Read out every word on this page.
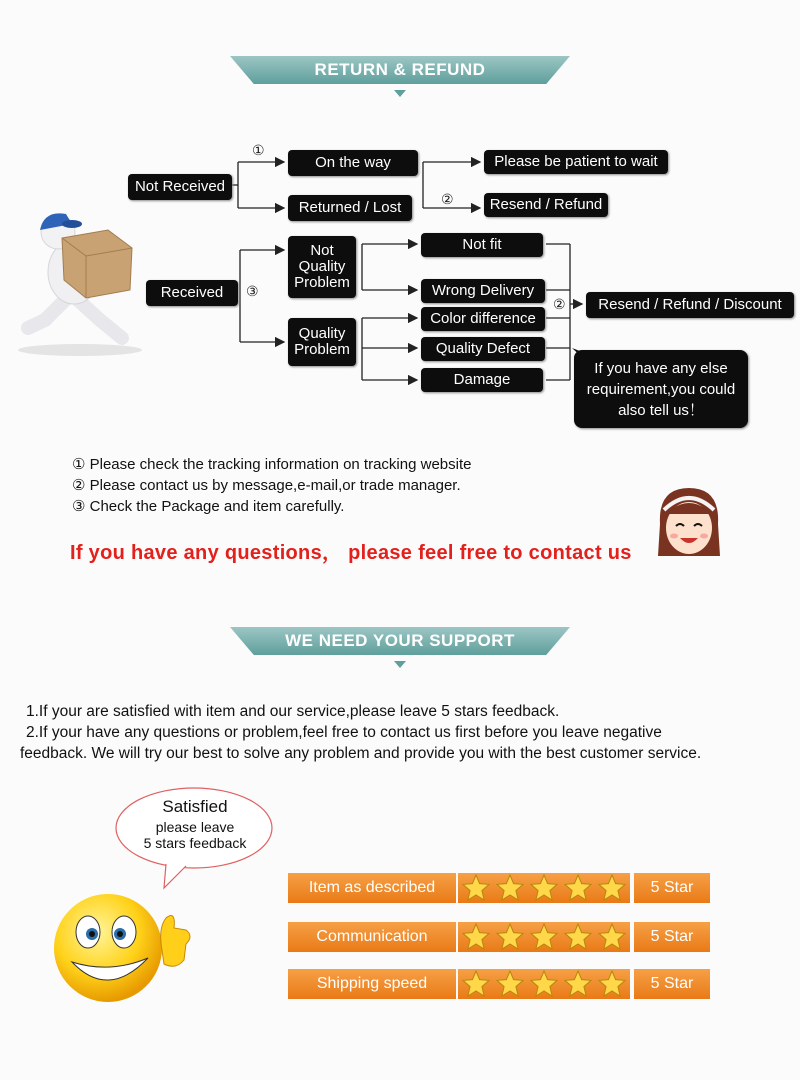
RETURN & REFUND
①
②
③
②
Not Received
On the way
Returned / Lost
Please be patient to wait
Resend / Refund
Received
Not Quality Problem
Quality Problem
Not fit
Wrong Delivery
Color difference
Quality Defect
Damage
Resend / Refund / Discount
If you have any else requirement,you could also tell us！
① Please check the tracking information on tracking website
② Please contact us by message,e-mail,or trade manager.
③ Check the Package and item carefully.
If you have any questions， please feel free to contact us
WE NEED YOUR SUPPORT
1.If your are satisfied with item and our service,please leave 5 stars feedback.
2.If your have any questions or problem,feel free to contact us first before you leave negative
feedback. We will try our best to solve any problem and provide you with the best customer service.
Satisfied
please leave
5 stars feedback
Item as described	5 Star
Communication	5 Star
Shipping speed	5 Star
